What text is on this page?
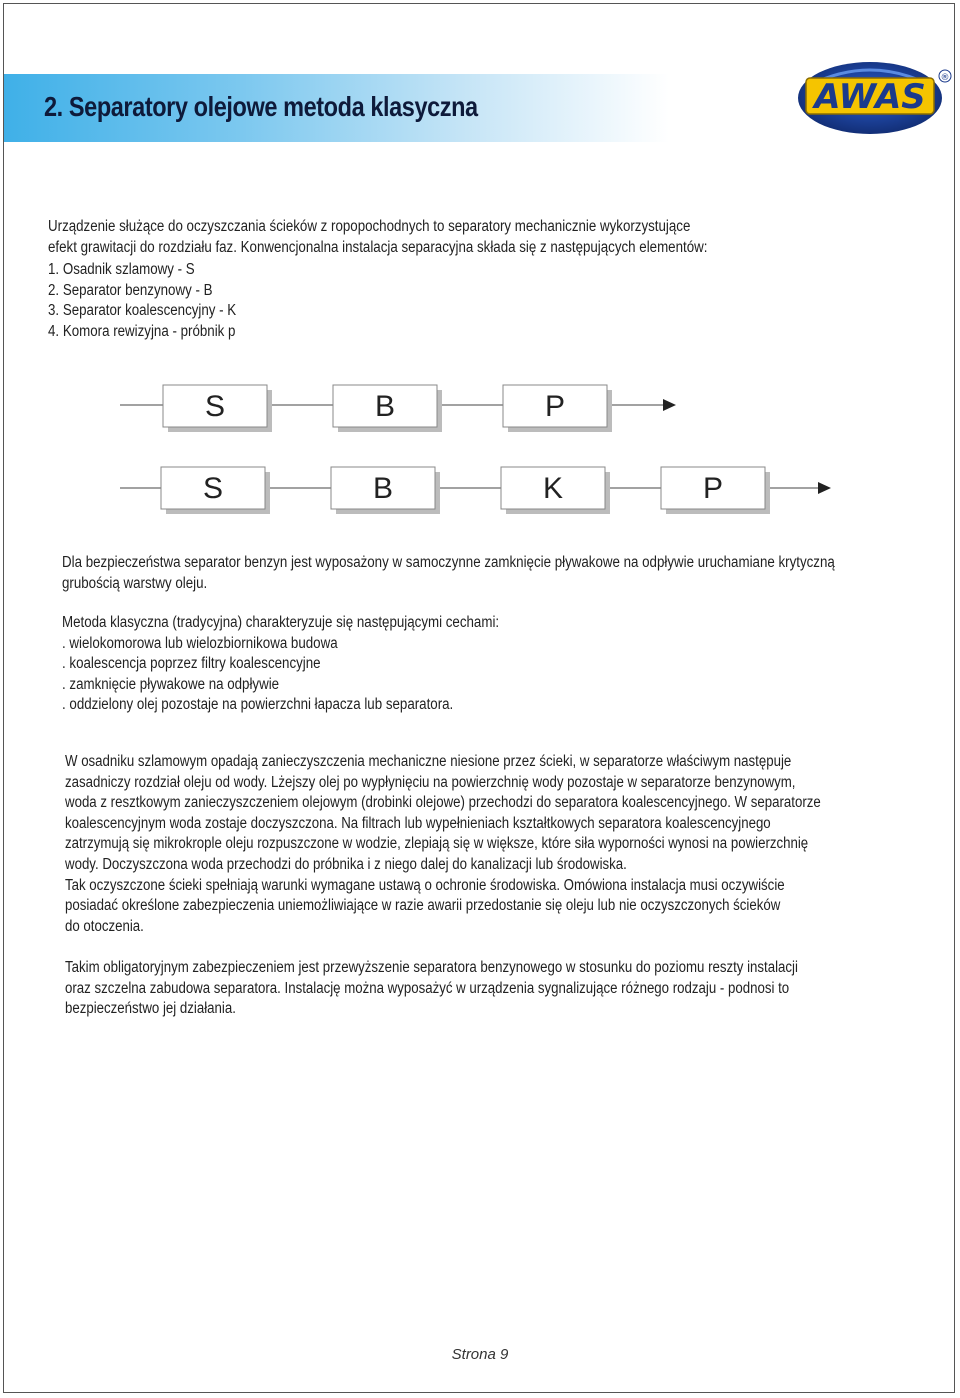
2. Separatory olejowe metoda klasyczna	AWAS ®

Urządzenie służące do oczyszczania ścieków z ropopochodnych to separatory mechanicznie wykorzystujące

efekt grawitacji do rozdziału faz. Konwencjonalna instalacja separacyjna składa się z następujących elementów:

1. Osadnik szlamowy - S

2. Separator benzynowy - B

3. Separator koalescencyjny - K

4. Komora rewizyjna - próbnik p

S	B	P
S	B	K	P

Dla bezpieczeństwa separator benzyn jest wyposażony w samoczynne zamknięcie pływakowe na odpływie uruchamiane krytyczną

grubością warstwy oleju.

Metoda klasyczna (tradycyjna) charakteryzuje się następującymi cechami:

. wielokomorowa lub wielozbiornikowa budowa

. koalescencja poprzez filtry koalescencyjne

. zamknięcie pływakowe na odpływie

. oddzielony olej pozostaje na powierzchni łapacza lub separatora.

W osadniku szlamowym opadają zanieczyszczenia mechaniczne niesione przez ścieki, w separatorze właściwym następuje

zasadniczy rozdział oleju od wody. Lżejszy olej po wypłynięciu na powierzchnię wody pozostaje w separatorze benzynowym,

woda z resztkowym zanieczyszczeniem olejowym (drobinki olejowe) przechodzi do separatora koalescencyjnego. W separatorze

koalescencyjnym woda zostaje doczyszczona. Na filtrach lub wypełnieniach kształtkowych separatora koalescencyjnego

zatrzymują się mikrokrople oleju rozpuszczone w wodzie, zlepiają się w większe, które siła wyporności wynosi na powierzchnię

wody. Doczyszczona woda przechodzi do próbnika i z niego dalej do kanalizacji lub środowiska.

Tak oczyszczone ścieki spełniają warunki wymagane ustawą o ochronie środowiska. Omówiona instalacja musi oczywiście

posiadać określone zabezpieczenia uniemożliwiające w razie awarii przedostanie się oleju lub nie oczyszczonych ścieków

do otoczenia.

Takim obligatoryjnym zabezpieczeniem jest przewyższenie separatora benzynowego w stosunku do poziomu reszty instalacji

oraz szczelna zabudowa separatora. Instalację można wyposażyć w urządzenia sygnalizujące różnego rodzaju - podnosi to

bezpieczeństwo jej działania.

Strona 9
